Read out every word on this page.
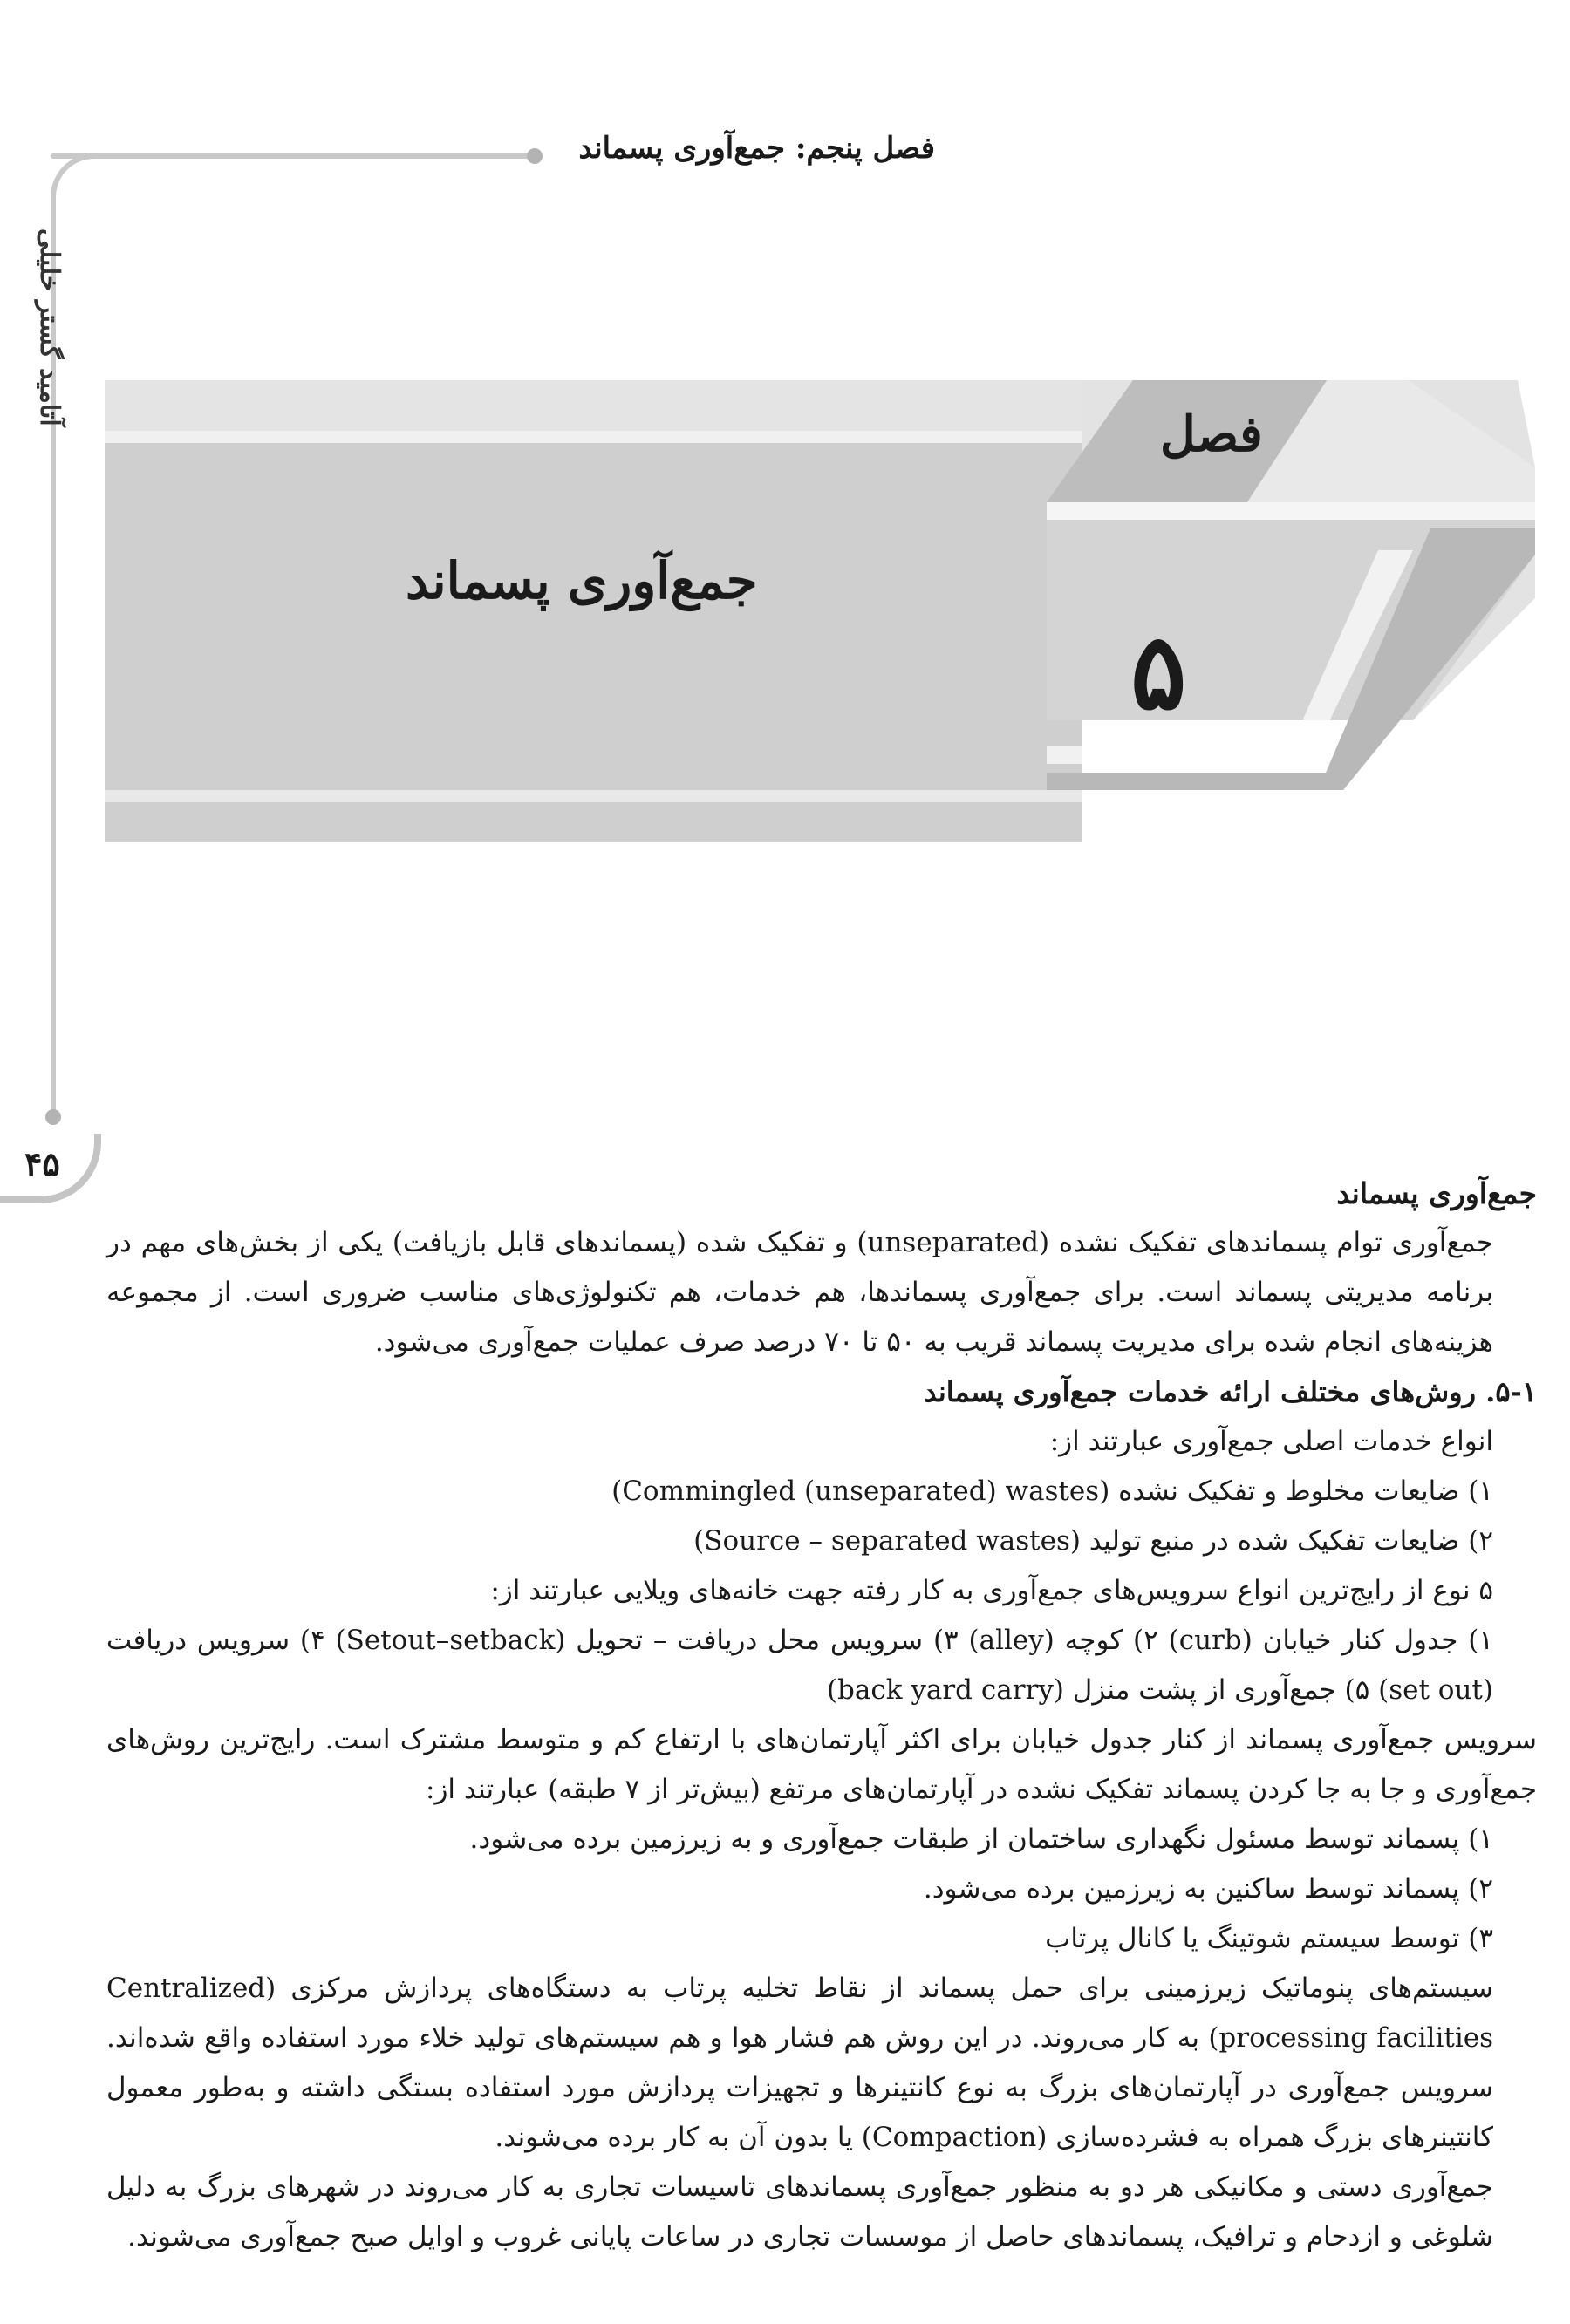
فصل پنجم: جمع‌آوری پسماند
آتامید گستر خلیلی
۴۵
فصل
۵
جمع‌آوری پسماند

جمع‌آوری پسماند

جمع‌آوری توام پسماندهای تفکیک نشده (unseparated) و تفکیک شده (پسماندهای قابل بازیافت) یکی از بخش‌های مهم در برنامه مدیریتی پسماند است. برای جمع‌آوری پسماندها، هم خدمات، هم تکنولوژی‌های مناسب ضروری است. از مجموعه هزینه‌های انجام شده برای مدیریت پسماند قریب به ۵۰ تا ۷۰ درصد صرف عملیات جمع‌آوری می‌شود.

۵-۱. روش‌های مختلف ارائه خدمات جمع‌آوری پسماند

انواع خدمات اصلی جمع‌آوری عبارتند از:

۱) ضایعات مخلوط و تفکیک نشده (Commingled (unseparated) wastes)

۲) ضایعات تفکیک شده در منبع تولید (Source – separated wastes)

۵ نوع از رایج‌ترین انواع سرویس‌های جمع‌آوری به کار رفته جهت خانه‌های ویلایی عبارتند از:

۱) جدول کنار خیابان (curb) ۲) کوچه (alley) ۳) سرویس محل دریافت – تحویل (Setout–setback) ۴) سرویس دریافت (set out) ۵) جمع‌آوری از پشت منزل (back yard carry)

سرویس جمع‌آوری پسماند از کنار جدول خیابان برای اکثر آپارتمان‌های با ارتفاع کم و متوسط مشترک است. رایج‌ترین روش‌های جمع‌آوری و جا به جا کردن پسماند تفکیک نشده در آپارتمان‌های مرتفع (بیش‌تر از ۷ طبقه) عبارتند از:

۱) پسماند توسط مسئول نگهداری ساختمان از طبقات جمع‌آوری و به زیرزمین برده می‌شود.

۲) پسماند توسط ساکنین به زیرزمین برده می‌شود.

۳) توسط سیستم شوتینگ یا کانال پرتاب

سیستم‌های پنوماتیک زیرزمینی برای حمل پسماند از نقاط تخلیه پرتاب به دستگاه‌های پردازش مرکزی (Centralized processing facilities) به کار می‌روند. در این روش هم فشار هوا و هم سیستم‌های تولید خلاء مورد استفاده واقع شده‌اند. سرویس جمع‌آوری در آپارتمان‌های بزرگ به نوع کانتینرها و تجهیزات پردازش مورد استفاده بستگی داشته و به‌طور معمول کانتینرهای بزرگ همراه به فشرده‌سازی (Compaction) یا بدون آن به کار برده می‌شوند.

جمع‌آوری دستی و مکانیکی هر دو به منظور جمع‌آوری پسماندهای تاسیسات تجاری به کار می‌روند در شهرهای بزرگ به دلیل شلوغی و ازدحام و ترافیک، پسماندهای حاصل از موسسات تجاری در ساعات پایانی غروب و اوایل صبح جمع‌آوری می‌شوند.
